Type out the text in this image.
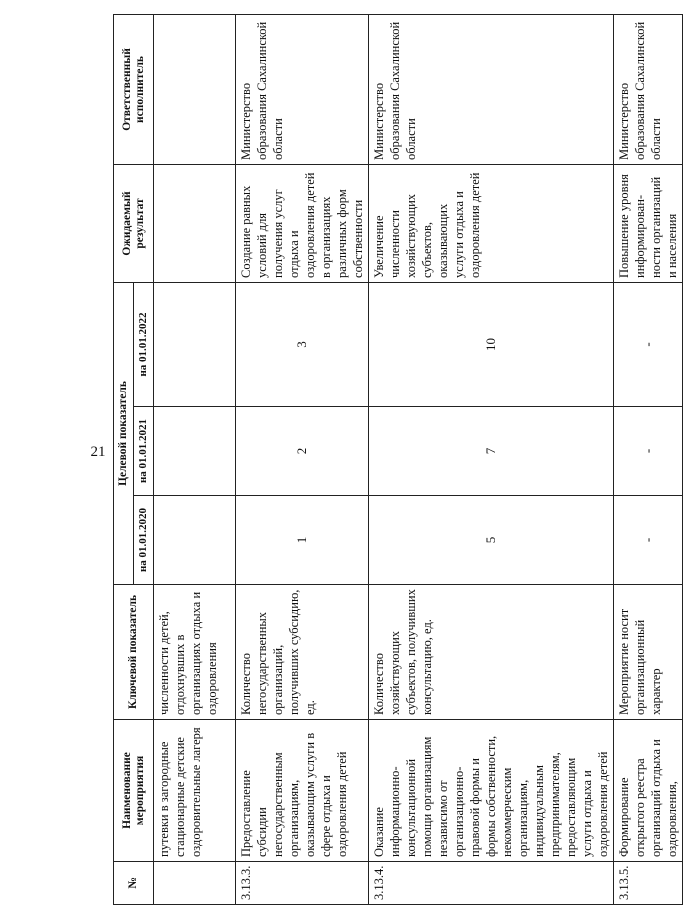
21
№	Наименование мероприятия	Ключевой показатель	Целевой показатель			Ожидаемый результат	Ответственный исполнитель
			на 01.01.2020	на 01.01.2021	на 01.01.2022		
	путевки в загородные стационарные детские оздоровительные лагеря	численности детей, отдохнувших в организациях отдыха и оздоровления					
3.13.3.	Предоставление субсидии негосударственным организациям, оказывающим услуги в сфере отдыха и оздоровления детей	Количество негосударственных организаций, получивших субсидию, ед.	1	2	3	Создание равных условий для получения услуг отдыха и оздоровления детей в организациях различных форм собственности	Министерство образования Сахалинской области
3.13.4.	Оказание информационно-консультационной помощи организациям независимо от организационно-правовой формы и формы собственности, некоммерческим организациям, индивидуальным предпринимателям, предоставляющим услуги отдыха и оздоровления детей	Количество хозяйствующих субъектов, получивших консультацию, ед.	5	7	10	Увеличение численности хозяйствующих субъектов, оказывающих услуги отдыха и оздоровления детей	Министерство образования Сахалинской области
3.13.5.	Формирование открытого реестра организаций отдыха и оздоровления,	Мероприятие носит организационный характер	-	-	-	Повышение уровня информирован-ности организаций и населения	Министерство образования Сахалинской области
